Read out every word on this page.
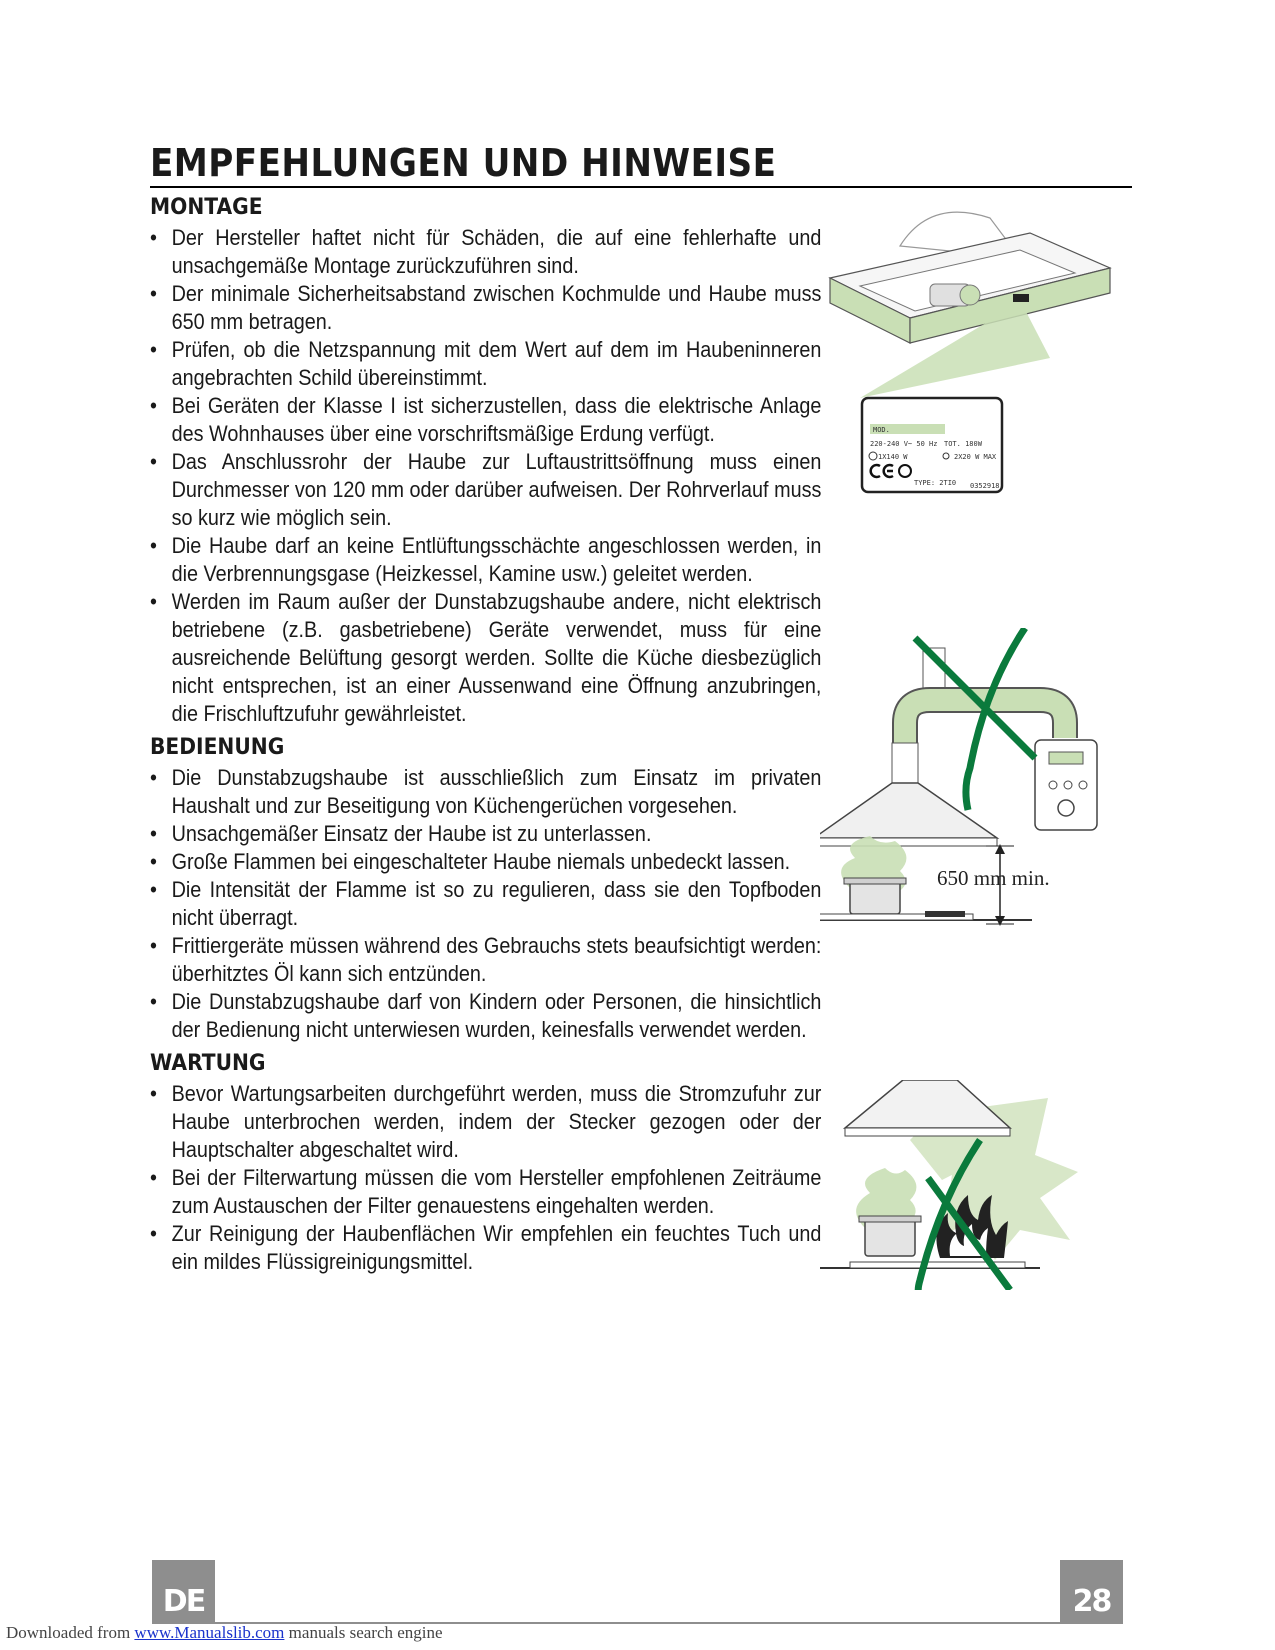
EMPFEHLUNGEN UND HINWEISE
MONTAGE
• Der Hersteller haftet nicht für Schäden, die auf eine fehlerhafte und unsachgemäße Montage zurückzuführen sind.
• Der minimale Sicherheitsabstand zwischen Kochmulde und Haube muss 650 mm betragen.
• Prüfen, ob die Netzspannung mit dem Wert auf dem im Haubeninneren angebrachten Schild übereinstimmt.
• Bei Geräten der Klasse I ist sicherzustellen, dass die elektrische Anlage des Wohnhauses über eine vorschriftsmäßige Erdung verfügt.
• Das Anschlussrohr der Haube zur Luftaustrittsöffnung muss einen Durchmesser von 120 mm oder darüber aufweisen. Der Rohrverlauf muss so kurz wie möglich sein.
• Die Haube darf an keine Entlüftungsschächte angeschlossen werden, in die Verbrennungsgase (Heizkessel, Kamine usw.) geleitet werden.
• Werden im Raum außer der Dunstabzugshaube andere, nicht elektrisch betriebene (z.B. gasbetriebene) Geräte verwendet, muss für eine ausreichende Belüftung gesorgt werden. Sollte die Küche diesbezüglich nicht entsprechen, ist an einer Aussenwand eine Öffnung anzubringen, die Frischluftzufuhr gewährleistet.
BEDIENUNG
• Die Dunstabzugshaube ist ausschließlich zum Einsatz im privaten Haushalt und zur Beseitigung von Küchengerüchen vorgesehen.
• Unsachgemäßer Einsatz der Haube ist zu unterlassen.
• Große Flammen bei eingeschalteter Haube niemals unbedeckt lassen.
• Die Intensität der Flamme ist so zu regulieren, dass sie den Topfboden nicht überragt.
• Frittiergeräte müssen während des Gebrauchs stets beaufsichtigt werden: überhitztes Öl kann sich entzünden.
• Die Dunstabzugshaube darf von Kindern oder Personen, die hinsichtlich der Bedienung nicht unterwiesen wurden, keinesfalls verwendet werden.
WARTUNG
• Bevor Wartungsarbeiten durchgeführt werden, muss die Stromzufuhr zur Haube unterbrochen werden, indem der Stecker gezogen oder der Hauptschalter abgeschaltet wird.
• Bei der Filterwartung müssen die vom Hersteller empfohlenen Zeiträume zum Austauschen der Filter genauestens eingehalten werden.
• Zur Reinigung der Haubenflächen Wir empfehlen ein feuchtes Tuch und ein mildes Flüssigreinigungsmittel.
MOD.
220-240 V~ 50 Hz TOT. 180W
1X140 W	2X20 W MAX
TYPE: 2TI0 0352918
650 mm min.
DE	28
Downloaded from www.Manualslib.com manuals search engine
